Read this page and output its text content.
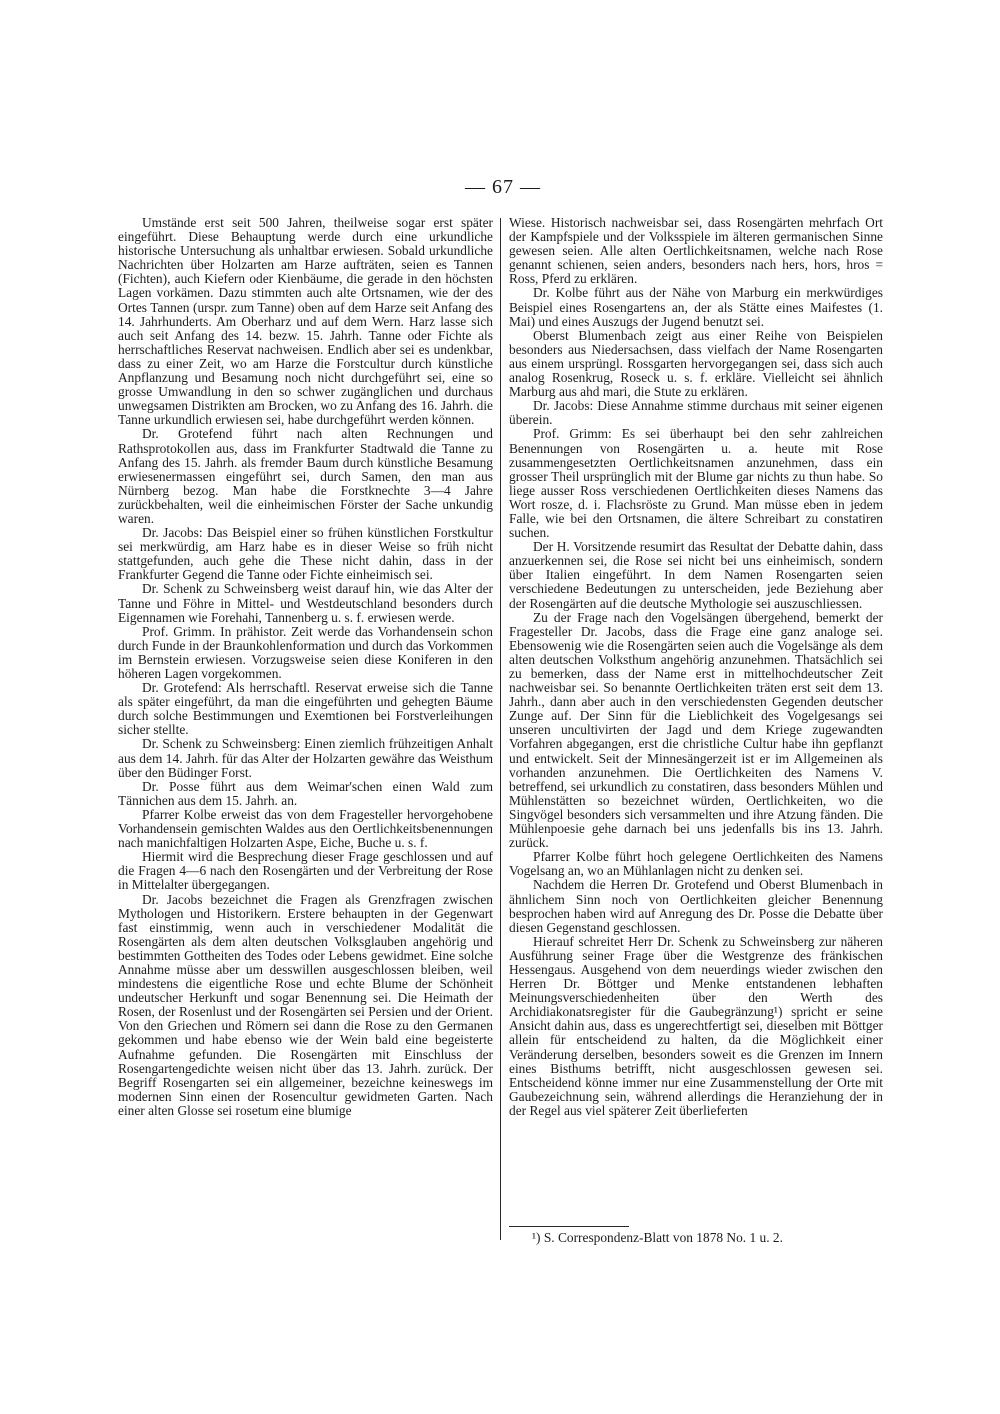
— 67 —

Umstände erst seit 500 Jahren, theilweise sogar erst später eingeführt. Diese Behauptung werde durch eine urkundliche historische Untersuchung als unhaltbar erwiesen. Sobald urkundliche Nachrichten über Holzarten am Harze aufträten, seien es Tannen (Fichten), auch Kiefern oder Kienbäume, die gerade in den höchsten Lagen vorkämen. Dazu stimmten auch alte Ortsnamen, wie der des Ortes Tannen (urspr. zum Tanne) oben auf dem Harze seit Anfang des 14. Jahrhunderts. Am Oberharz und auf dem Wern. Harz lasse sich auch seit Anfang des 14. bezw. 15. Jahrh. Tanne oder Fichte als herrschaftliches Reservat nachweisen. Endlich aber sei es undenkbar, dass zu einer Zeit, wo am Harze die Forstcultur durch künstliche Anpflanzung und Besamung noch nicht durchgeführt sei, eine so grosse Umwandlung in den so schwer zugänglichen und durchaus unwegsamen Distrikten am Brocken, wo zu Anfang des 16. Jahrh. die Tanne urkundlich erwiesen sei, habe durchgeführt werden können.

Dr. Grotefend führt nach alten Rechnungen und Rathsprotokollen aus, dass im Frankfurter Stadtwald die Tanne zu Anfang des 15. Jahrh. als fremder Baum durch künstliche Besamung erwiesenermassen eingeführt sei, durch Samen, den man aus Nürnberg bezog. Man habe die Forstknechte 3—4 Jahre zurückbehalten, weil die einheimischen Förster der Sache unkundig waren.

Dr. Jacobs: Das Beispiel einer so frühen künstlichen Forstkultur sei merkwürdig, am Harz habe es in dieser Weise so früh nicht stattgefunden, auch gehe die These nicht dahin, dass in der Frankfurter Gegend die Tanne oder Fichte einheimisch sei.

Dr. Schenk zu Schweinsberg weist darauf hin, wie das Alter der Tanne und Föhre in Mittel- und Westdeutschland besonders durch Eigennamen wie Forehahi, Tannenberg u. s. f. erwiesen werde.

Prof. Grimm. In prähistor. Zeit werde das Vorhandensein schon durch Funde in der Braunkohlenformation und durch das Vorkommen im Bernstein erwiesen. Vorzugsweise seien diese Koniferen in den höheren Lagen vorgekommen.

Dr. Grotefend: Als herrschaftl. Reservat erweise sich die Tanne als später eingeführt, da man die eingeführten und gehegten Bäume durch solche Bestimmungen und Exemtionen bei Forstverleihungen sicher stellte.

Dr. Schenk zu Schweinsberg: Einen ziemlich frühzeitigen Anhalt aus dem 14. Jahrh. für das Alter der Holzarten gewähre das Weisthum über den Büdinger Forst.

Dr. Posse führt aus dem Weimar'schen einen Wald zum Tännichen aus dem 15. Jahrh. an.

Pfarrer Kolbe erweist das von dem Fragesteller hervorgehobene Vorhandensein gemischten Waldes aus den Oertlichkeitsbenennungen nach manichfaltigen Holzarten Aspe, Eiche, Buche u. s. f.

Hiermit wird die Besprechung dieser Frage geschlossen und auf die Fragen 4—6 nach den Rosengärten und der Verbreitung der Rose in Mittelalter übergegangen.

Dr. Jacobs bezeichnet die Fragen als Grenzfragen zwischen Mythologen und Historikern. Erstere behaupten in der Gegenwart fast einstimmig, wenn auch in verschiedener Modalität die Rosengärten als dem alten deutschen Volksglauben angehörig und bestimmten Gottheiten des Todes oder Lebens gewidmet. Eine solche Annahme müsse aber um desswillen ausgeschlossen bleiben, weil mindestens die eigentliche Rose und echte Blume der Schönheit undeutscher Herkunft und sogar Benennung sei. Die Heimath der Rosen, der Rosenlust und der Rosengärten sei Persien und der Orient. Von den Griechen und Römern sei dann die Rose zu den Germanen gekommen und habe ebenso wie der Wein bald eine begeisterte Aufnahme gefunden. Die Rosengärten mit Einschluss der Rosengartengedichte weisen nicht über das 13. Jahrh. zurück. Der Begriff Rosengarten sei ein allgemeiner, bezeichne keineswegs im modernen Sinn einen der Rosencultur gewidmeten Garten. Nach einer alten Glosse sei rosetum eine blumige

Wiese. Historisch nachweisbar sei, dass Rosengärten mehrfach Ort der Kampfspiele und der Volksspiele im älteren germanischen Sinne gewesen seien. Alle alten Oertlichkeitsnamen, welche nach Rose genannt schienen, seien anders, besonders nach hers, hors, hros = Ross, Pferd zu erklären.

Dr. Kolbe führt aus der Nähe von Marburg ein merkwürdiges Beispiel eines Rosengartens an, der als Stätte eines Maifestes (1. Mai) und eines Auszugs der Jugend benutzt sei.

Oberst Blumenbach zeigt aus einer Reihe von Beispielen besonders aus Niedersachsen, dass vielfach der Name Rosengarten aus einem ursprüngl. Rossgarten hervorgegangen sei, dass sich auch analog Rosenkrug, Roseck u. s. f. erkläre. Vielleicht sei ähnlich Marburg aus ahd mari, die Stute zu erklären.

Dr. Jacobs: Diese Annahme stimme durchaus mit seiner eigenen überein.

Prof. Grimm: Es sei überhaupt bei den sehr zahlreichen Benennungen von Rosengärten u. a. heute mit Rose zusammengesetzten Oertlichkeitsnamen anzunehmen, dass ein grosser Theil ursprünglich mit der Blume gar nichts zu thun habe. So liege ausser Ross verschiedenen Oertlichkeiten dieses Namens das Wort rosze, d. i. Flachsröste zu Grund. Man müsse eben in jedem Falle, wie bei den Ortsnamen, die ältere Schreibart zu constatiren suchen.

Der H. Vorsitzende resumirt das Resultat der Debatte dahin, dass anzuerkennen sei, die Rose sei nicht bei uns einheimisch, sondern über Italien eingeführt. In dem Namen Rosengarten seien verschiedene Bedeutungen zu unterscheiden, jede Beziehung aber der Rosengärten auf die deutsche Mythologie sei auszuschliessen.

Zu der Frage nach den Vogelsängen übergehend, bemerkt der Fragesteller Dr. Jacobs, dass die Frage eine ganz analoge sei. Ebensowenig wie die Rosengärten seien auch die Vogelsänge als dem alten deutschen Volksthum angehörig anzunehmen. Thatsächlich sei zu bemerken, dass der Name erst in mittelhochdeutscher Zeit nachweisbar sei. So benannte Oertlichkeiten träten erst seit dem 13. Jahrh., dann aber auch in den verschiedensten Gegenden deutscher Zunge auf. Der Sinn für die Lieblichkeit des Vogelgesangs sei unseren uncultivirten der Jagd und dem Kriege zugewandten Vorfahren abgegangen, erst die christliche Cultur habe ihn gepflanzt und entwickelt. Seit der Minnesängerzeit ist er im Allgemeinen als vorhanden anzunehmen. Die Oertlichkeiten des Namens V. betreffend, sei urkundlich zu constatiren, dass besonders Mühlen und Mühlenstätten so bezeichnet würden, Oertlichkeiten, wo die Singvögel besonders sich versammelten und ihre Atzung fänden. Die Mühlenpoesie gehe darnach bei uns jedenfalls bis ins 13. Jahrh. zurück.

Pfarrer Kolbe führt hoch gelegene Oertlichkeiten des Namens Vogelsang an, wo an Mühlanlagen nicht zu denken sei.

Nachdem die Herren Dr. Grotefend und Oberst Blumenbach in ähnlichem Sinn noch von Oertlichkeiten gleicher Benennung besprochen haben wird auf Anregung des Dr. Posse die Debatte über diesen Gegenstand geschlossen.

Hierauf schreitet Herr Dr. Schenk zu Schweinsberg zur näheren Ausführung seiner Frage über die Westgrenze des fränkischen Hessengaus. Ausgehend von dem neuerdings wieder zwischen den Herren Dr. Böttger und Menke entstandenen lebhaften Meinungsverschiedenheiten über den Werth des Archidiakonatsregister für die Gaubegränzung¹) spricht er seine Ansicht dahin aus, dass es ungerechtfertigt sei, dieselben mit Böttger allein für entscheidend zu halten, da die Möglichkeit einer Veränderung derselben, besonders soweit es die Grenzen im Innern eines Bisthums betrifft, nicht ausgeschlossen gewesen sei. Entscheidend könne immer nur eine Zusammenstellung der Orte mit Gaubezeichnung sein, während allerdings die Heranziehung der in der Regel aus viel späterer Zeit überlieferten

¹) S. Correspondenz-Blatt von 1878 No. 1 u. 2.
